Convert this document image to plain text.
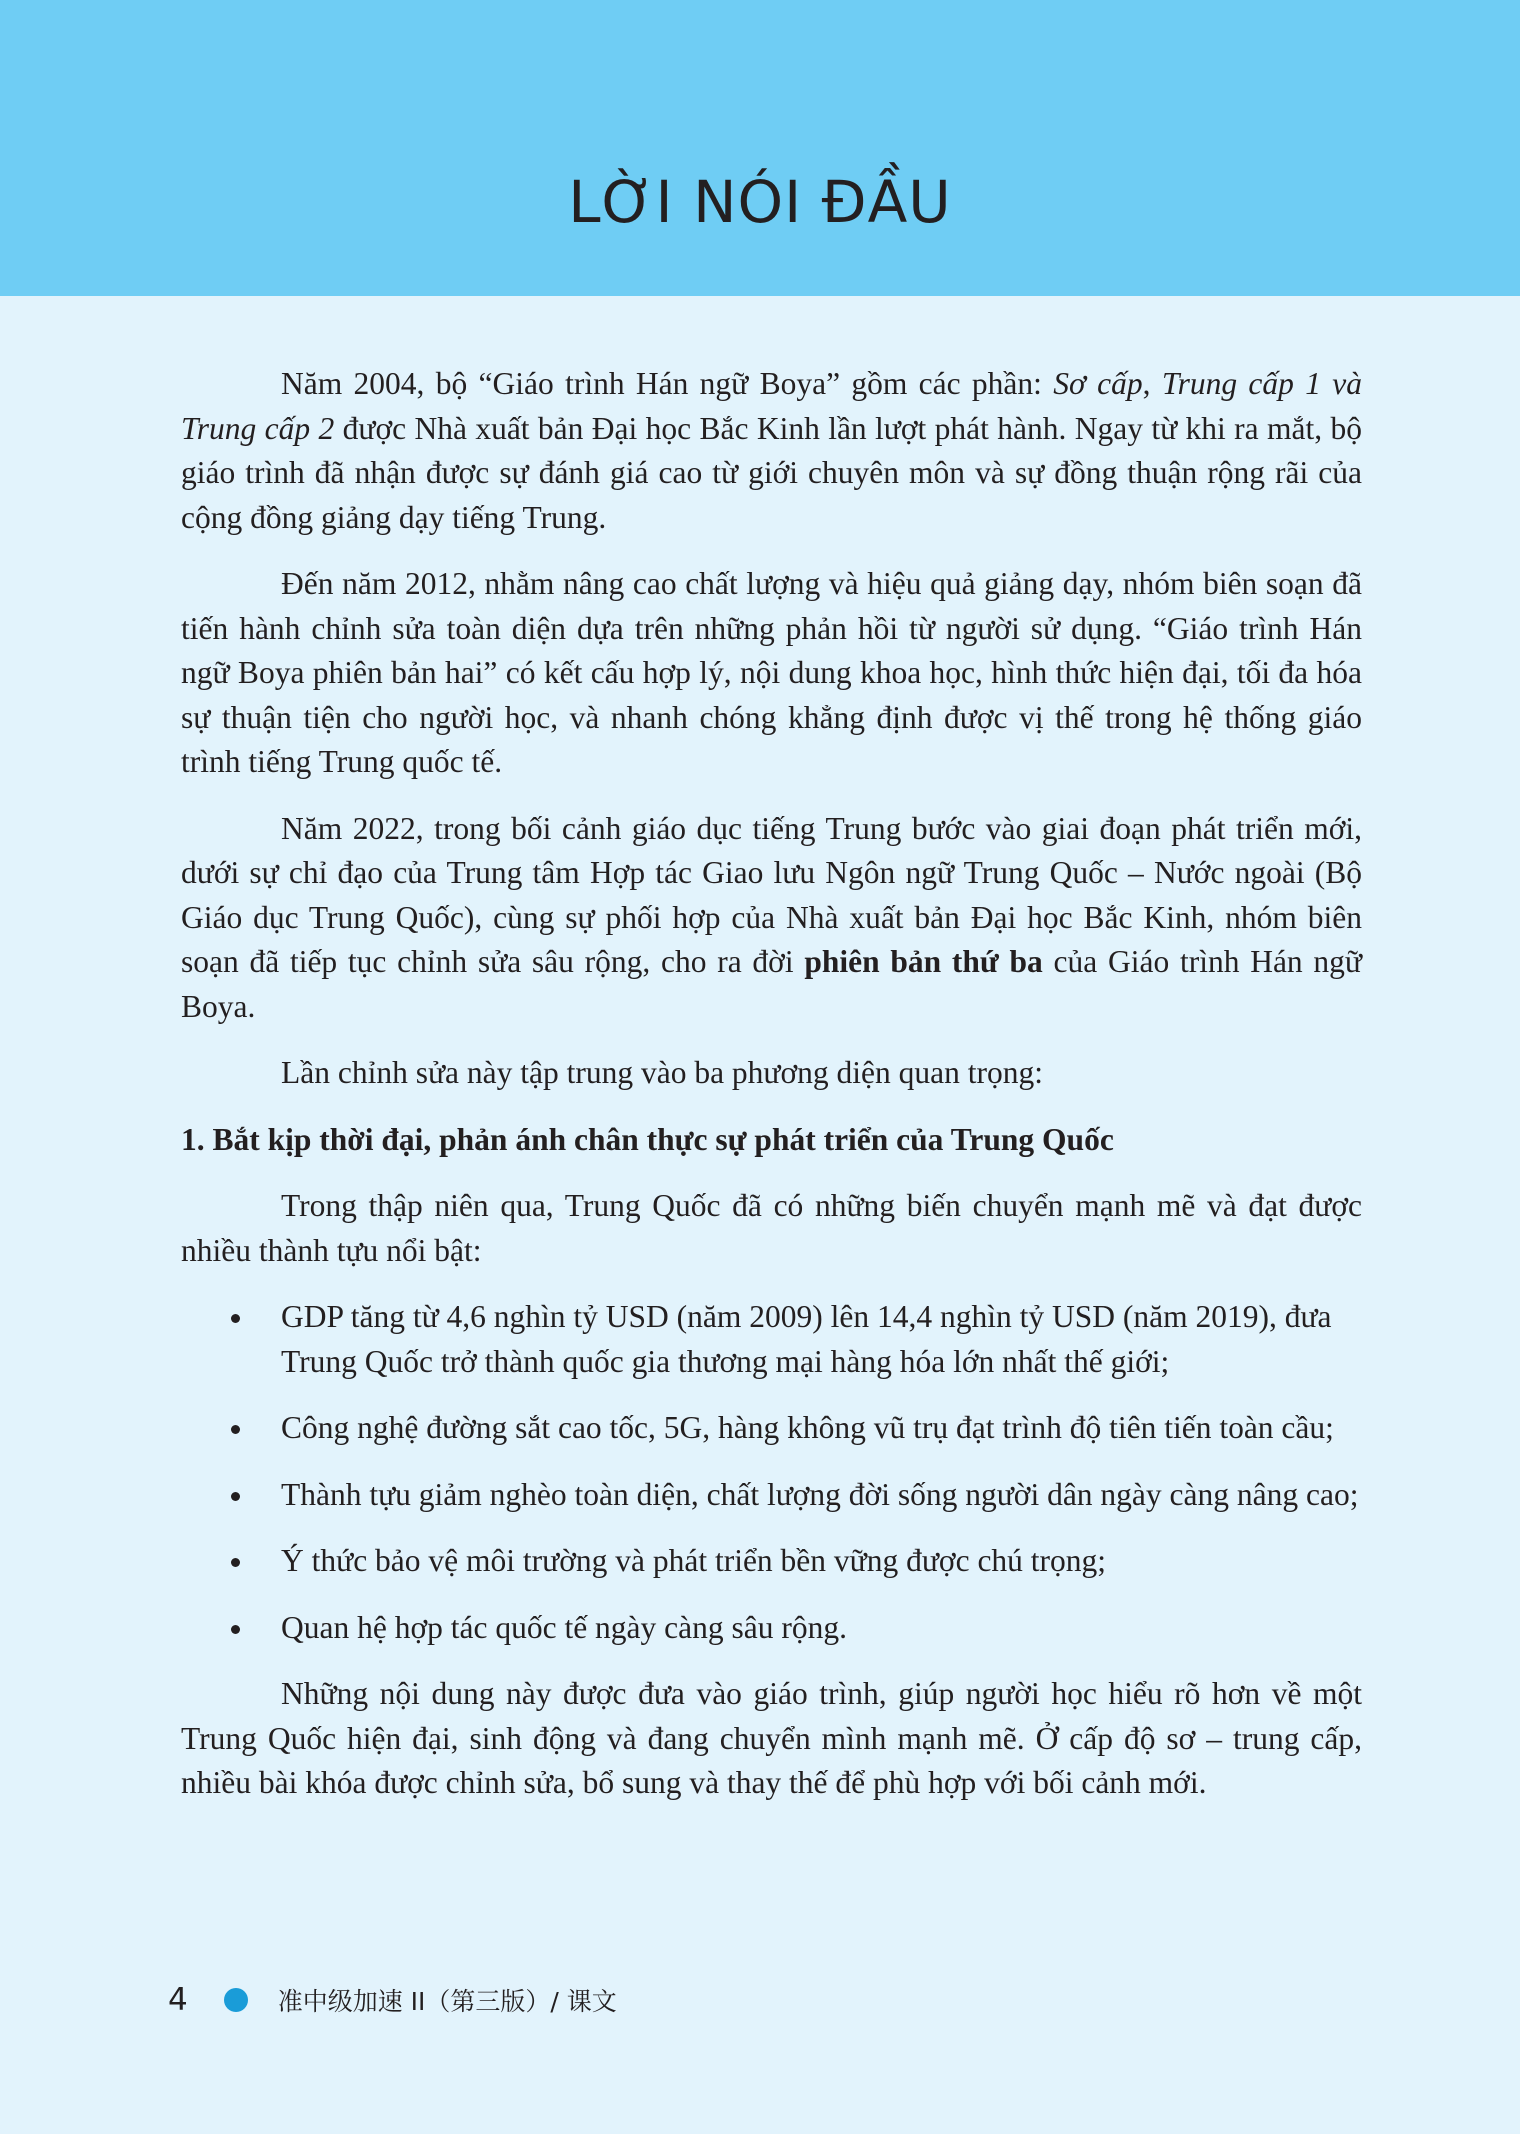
LỜI NÓI ĐẦU

Năm 2004, bộ “Giáo trình Hán ngữ Boya” gồm các phần: Sơ cấp, Trung cấp 1 và Trung cấp 2 được Nhà xuất bản Đại học Bắc Kinh lần lượt phát hành. Ngay từ khi ra mắt, bộ giáo trình đã nhận được sự đánh giá cao từ giới chuyên môn và sự đồng thuận rộng rãi của cộng đồng giảng dạy tiếng Trung.

Đến năm 2012, nhằm nâng cao chất lượng và hiệu quả giảng dạy, nhóm biên soạn đã tiến hành chỉnh sửa toàn diện dựa trên những phản hồi từ người sử dụng. “Giáo trình Hán ngữ Boya phiên bản hai” có kết cấu hợp lý, nội dung khoa học, hình thức hiện đại, tối đa hóa sự thuận tiện cho người học, và nhanh chóng khẳng định được vị thế trong hệ thống giáo trình tiếng Trung quốc tế.

Năm 2022, trong bối cảnh giáo dục tiếng Trung bước vào giai đoạn phát triển mới, dưới sự chỉ đạo của Trung tâm Hợp tác Giao lưu Ngôn ngữ Trung Quốc – Nước ngoài (Bộ Giáo dục Trung Quốc), cùng sự phối hợp của Nhà xuất bản Đại học Bắc Kinh, nhóm biên soạn đã tiếp tục chỉnh sửa sâu rộng, cho ra đời phiên bản thứ ba của Giáo trình Hán ngữ Boya.

Lần chỉnh sửa này tập trung vào ba phương diện quan trọng:

1. Bắt kịp thời đại, phản ánh chân thực sự phát triển của Trung Quốc

Trong thập niên qua, Trung Quốc đã có những biến chuyển mạnh mẽ và đạt được nhiều thành tựu nổi bật:

GDP tăng từ 4,6 nghìn tỷ USD (năm 2009) lên 14,4 nghìn tỷ USD (năm 2019), đưa Trung Quốc trở thành quốc gia thương mại hàng hóa lớn nhất thế giới;
Công nghệ đường sắt cao tốc, 5G, hàng không vũ trụ đạt trình độ tiên tiến toàn cầu;
Thành tựu giảm nghèo toàn diện, chất lượng đời sống người dân ngày càng nâng cao;
Ý thức bảo vệ môi trường và phát triển bền vững được chú trọng;
Quan hệ hợp tác quốc tế ngày càng sâu rộng.

Những nội dung này được đưa vào giáo trình, giúp người học hiểu rõ hơn về một Trung Quốc hiện đại, sinh động và đang chuyển mình mạnh mẽ. Ở cấp độ sơ – trung cấp, nhiều bài khóa được chỉnh sửa, bổ sung và thay thế để phù hợp với bối cảnh mới.

4	准中级加速 II（第三版）/ 课文
